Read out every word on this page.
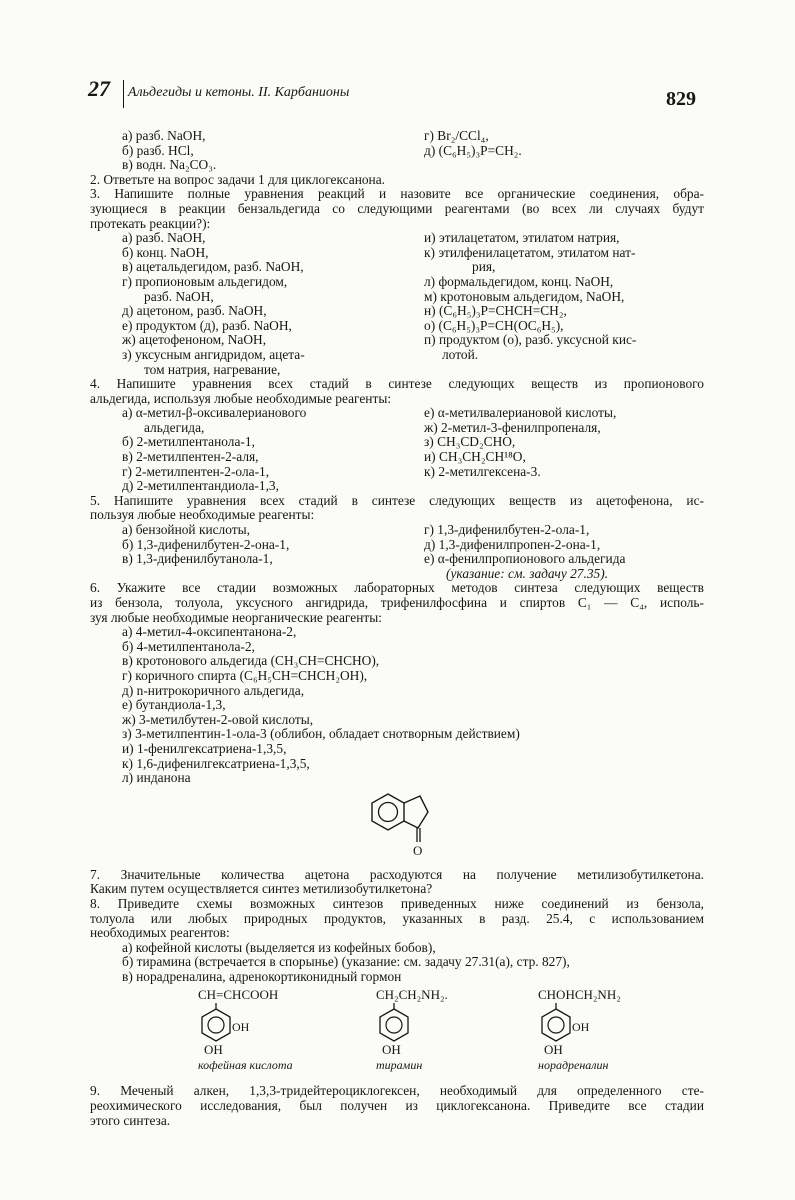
27 Альдегиды и кетоны. II. Карбанионы	829
а) разб. NaOH,	г) Br₂/CCl₄,
б) разб. HCl,	д) (C₆H₅)₃P=CH₂.
в) водн. Na₂CO₃.
2. Ответьте на вопрос задачи 1 для циклогексанона.
3. Напишите полные уравнения реакций и назовите все органические соединения, обра-
зующиеся в реакции бензальдегида со следующими реагентами (во всех ли случаях будут
протекать реакции?):
а) разб. NaOH,	и) этилацетатом, этилатом натрия,
б) конц. NaOH,	к) этилфенилацетатом, этилатом нат-
в) ацетальдегидом, разб. NaOH,	рия,
г) пропионовым альдегидом,	л) формальдегидом, конц. NaOH,
разб. NaOH,	м) кротоновым альдегидом, NaOH,
д) ацетоном, разб. NaOH,	н) (C₆H₅)₃P=CHCH=CH₂,
е) продуктом (д), разб. NaOH,	о) (C₆H₅)₃P=CH(OC₆H₅),
ж) ацетофеноном, NaOH,	п) продуктом (о), разб. уксусной кис-
з) уксусным ангидридом, ацета-	лотой.
том натрия, нагревание,
4. Напишите уравнения всех стадий в синтезе следующих веществ из пропионового
альдегида, используя любые необходимые реагенты:
а) α-метил-β-оксивалерианового	е) α-метилвалериановой кислоты,
альдегида,	ж) 2-метил-3-фенилпропеналя,
б) 2-метилпентанола-1,	з) CH₃CD₂CHO,
в) 2-метилпентен-2-аля,	и) CH₃CH₂CH¹⁸O,
г) 2-метилпентен-2-ола-1,	к) 2-метилгексена-3.
д) 2-метилпентандиола-1,3,
5. Напишите уравнения всех стадий в синтезе следующих веществ из ацетофенона, ис-
пользуя любые необходимые реагенты:
а) бензойной кислоты,	г) 1,3-дифенилбутен-2-ола-1,
б) 1,3-дифенилбутен-2-она-1,	д) 1,3-дифенилпропен-2-она-1,
в) 1,3-дифенилбутанола-1,	е) α-фенилпропионового альдегида
(указание: см. задачу 27.35).
6. Укажите все стадии возможных лабораторных методов синтеза следующих веществ
из бензола, толуола, уксусного ангидрида, трифенилфосфина и спиртов C₁ — C₄, исполь-
зуя любые необходимые неорганические реагенты:
а) 4-метил-4-оксипентанона-2,
б) 4-метилпентанола-2,
в) кротонового альдегида (CH₃CH=CHCHO),
г) коричного спирта (C₆H₅CH=CHCH₂OH),
д) n-нитрокоричного альдегида,
е) бутандиола-1,3,
ж) 3-метилбутен-2-овой кислоты,
з) 3-метилпентин-1-ола-3 (облибон, обладает снотворным действием)
и) 1-фенилгексатриена-1,3,5,
к) 1,6-дифенилгексатриена-1,3,5,
л) инданона
O
7. Значительные количества ацетона расходуются на получение метилизобутилкетона.
Каким путем осуществляется синтез метилизобутилкетона?
8. Приведите схемы возможных синтезов приведенных ниже соединений из бензола,
толуола или любых природных продуктов, указанных в разд. 25.4, с использованием
необходимых реагентов:
а) кофейной кислоты (выделяется из кофейных бобов),
б) тирамина (встречается в спорынье) (указание: см. задачу 27.31(а), стр. 827),
в) норадреналина, адренокортиконидный гормон
CH=CHCOOH
OH
OH
кофейная кислота
CH₂CH₂NH₂.
OH
тирамин
CHOHCH₂NH₂
OH
OH
норадреналин
9. Меченый алкен, 1,3,3-тридейтероциклогексен, необходимый для определенного сте-
реохимического исследования, был получен из циклогексанона. Приведите все стадии
этого синтеза.
